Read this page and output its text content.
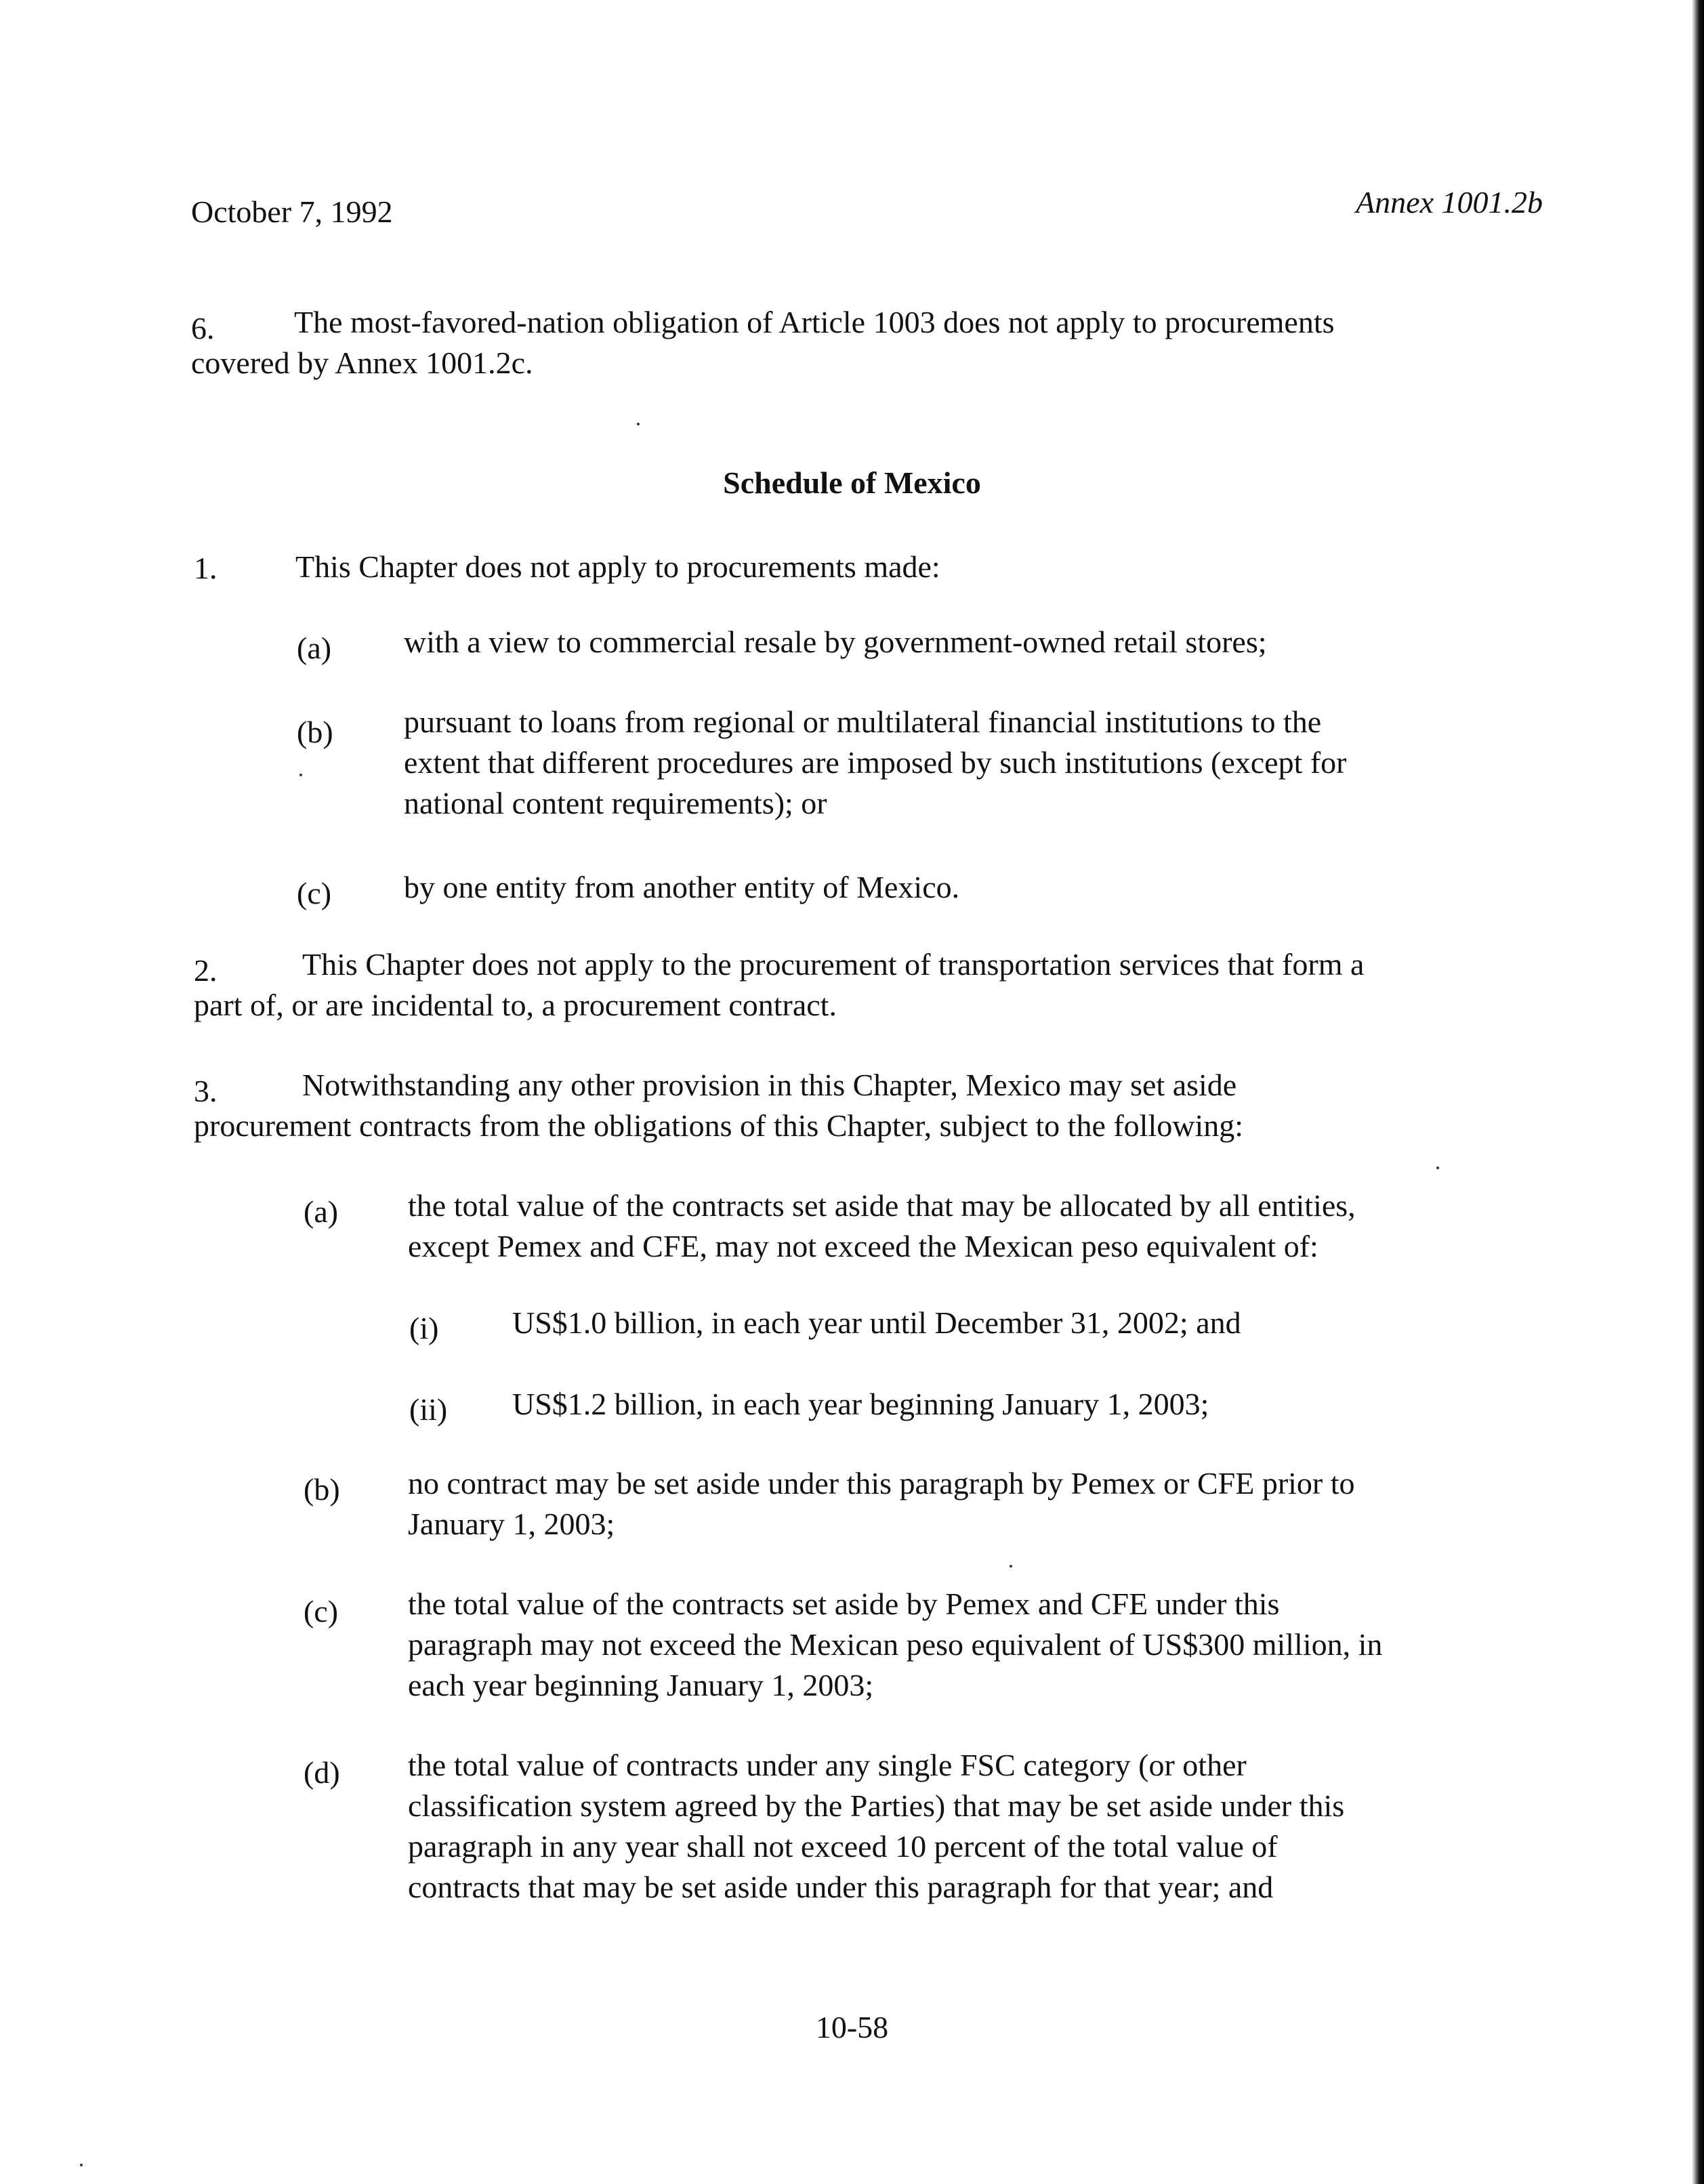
October 7, 1992	Annex 1001.2b
6.	The most-favored-nation obligation of Article 1003 does not apply to procurements
covered by Annex 1001.2c.
Schedule of Mexico
1.	This Chapter does not apply to procurements made:
(a) with a view to commercial resale by government-owned retail stores;
(b) pursuant to loans from regional or multilateral financial institutions to the
extent that different procedures are imposed by such institutions (except for
national content requirements); or
(c) by one entity from another entity of Mexico.
2.	This Chapter does not apply to the procurement of transportation services that form a
part of, or are incidental to, a procurement contract.
3.	Notwithstanding any other provision in this Chapter, Mexico may set aside
procurement contracts from the obligations of this Chapter, subject to the following:
(a) the total value of the contracts set aside that may be allocated by all entities,
except Pemex and CFE, may not exceed the Mexican peso equivalent of:
(i) US$1.0 billion, in each year until December 31, 2002; and
(ii) US$1.2 billion, in each year beginning January 1, 2003;
(b) no contract may be set aside under this paragraph by Pemex or CFE prior to
January 1, 2003;
(c) the total value of the contracts set aside by Pemex and CFE under this
paragraph may not exceed the Mexican peso equivalent of US$300 million, in
each year beginning January 1, 2003;
(d) the total value of contracts under any single FSC category (or other
classification system agreed by the Parties) that may be set aside under this
paragraph in any year shall not exceed 10 percent of the total value of
contracts that may be set aside under this paragraph for that year; and
10-58
